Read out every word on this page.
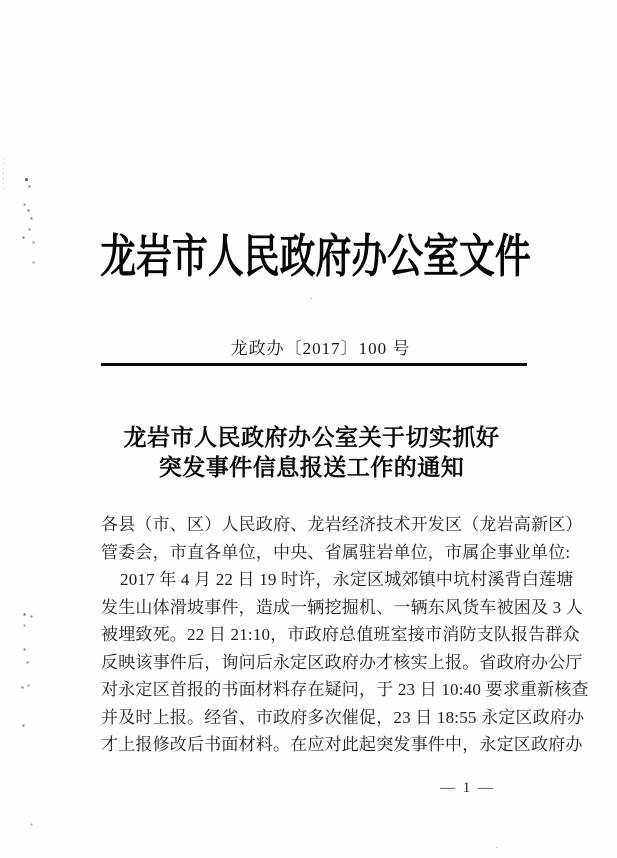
龙岩市人民政府办公室文件
龙政办〔2017〕100 号
龙岩市人民政府办公室关于切实抓好
突发事件信息报送工作的通知
各县（市、区）人民政府、龙岩经济技术开发区（龙岩高新区）
管委会，市直各单位，中央、省属驻岩单位，市属企事业单位:
2017 年 4 月 22 日 19 时许，永定区城郊镇中坑村溪背白莲塘
发生山体滑坡事件，造成一辆挖掘机、一辆东风货车被困及 3 人
被埋致死。22 日 21:10，市政府总值班室接市消防支队报告群众
反映该事件后，询问后永定区政府办才核实上报。省政府办公厅
对永定区首报的书面材料存在疑问，于 23 日 10:40 要求重新核查
并及时上报。经省、市政府多次催促，23 日 18:55 永定区政府办
才上报修改后书面材料。在应对此起突发事件中，永定区政府办
— 1 —
